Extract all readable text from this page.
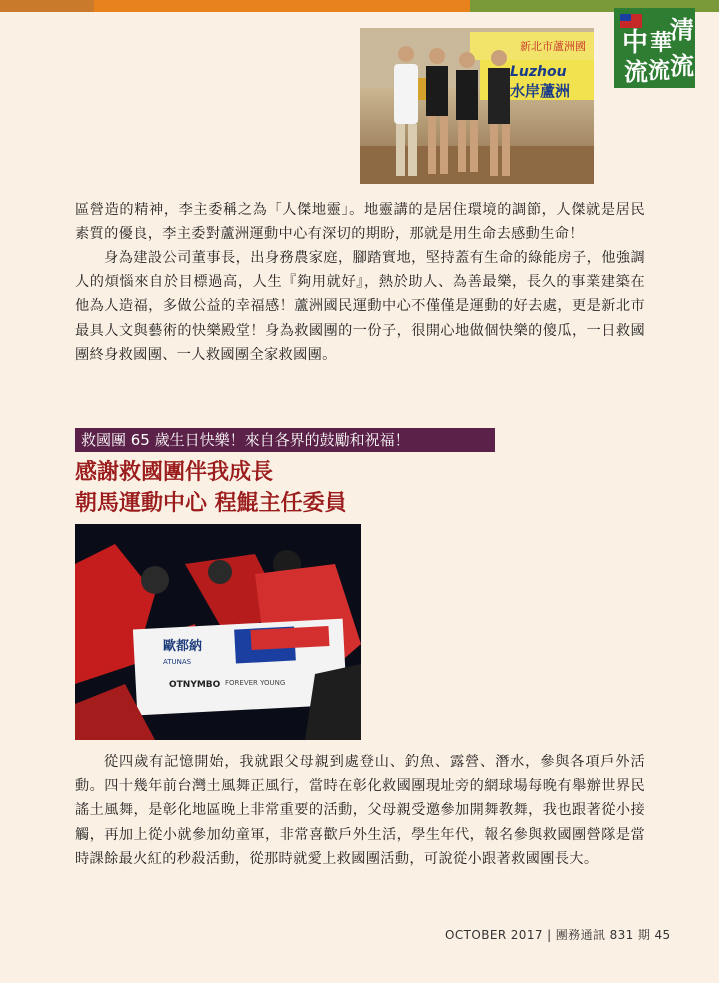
中 華
清
流 流 流
新北市蘆洲國
Luzhou
水岸蘆洲

區營造的精神，李主委稱之為「人傑地靈」。地靈講的是居住環境的調節，人傑就是居民素質的優良，李主委對蘆洲運動中心有深切的期盼，那就是用生命去感動生命！

身為建設公司董事長，出身務農家庭，腳踏實地，堅持蓋有生命的綠能房子，他強調人的煩惱來自於目標過高，人生『夠用就好』，熱於助人、為善最樂，長久的事業建築在他為人造福，多做公益的幸福感！蘆洲國民運動中心不僅僅是運動的好去處，更是新北市最具人文與藝術的快樂殿堂！身為救國團的一份子，很開心地做個快樂的傻瓜，一日救國團終身救國團、一人救國團全家救國團。

救國團 65 歲生日快樂！來自各界的鼓勵和祝福！
感謝救國團伴我成長
朝馬運動中心 程鯤主任委員
歐都納
ATUNAS
OTNYMBO FOREVER YOUNG

從四歲有記憶開始，我就跟父母親到處登山、釣魚、露營、潛水，參與各項戶外活動。四十幾年前台灣土風舞正風行，當時在彰化救國團現址旁的網球場每晚有舉辦世界民謠土風舞，是彰化地區晚上非常重要的活動，父母親受邀參加開舞教舞，我也跟著從小接觸，再加上從小就參加幼童軍，非常喜歡戶外生活，學生年代，報名參與救國團營隊是當時課餘最火紅的秒殺活動，從那時就愛上救國團活動，可說從小跟著救國團長大。

OCTOBER 2017 | 團務通訊 831 期 45
